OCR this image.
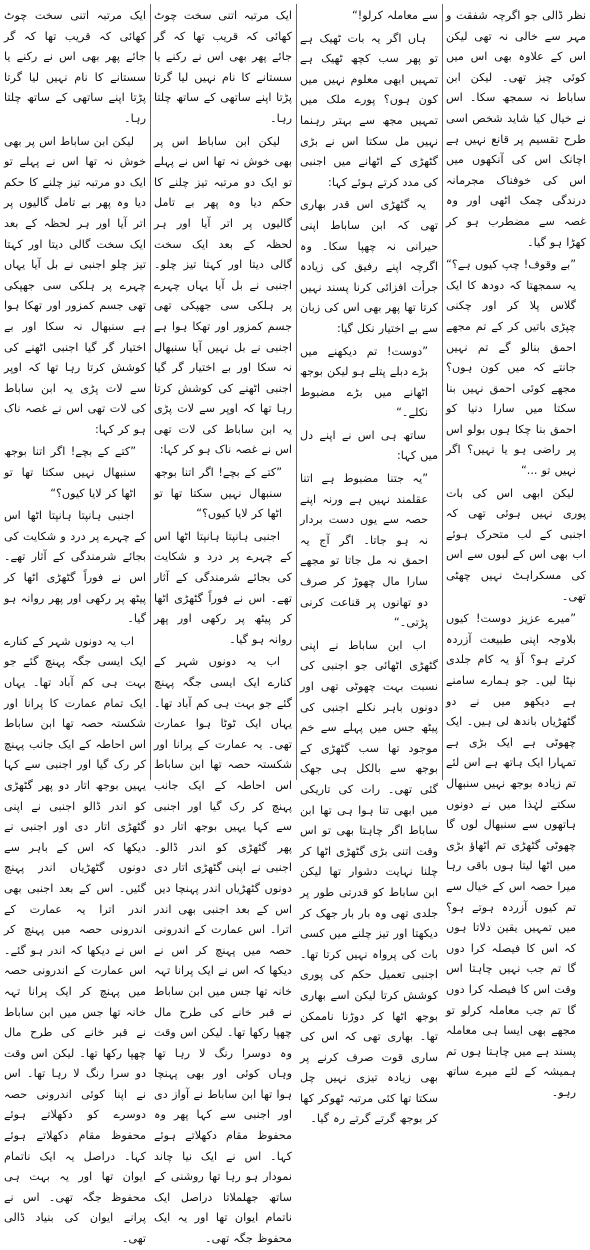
نظر ڈالی جو اگرچہ شفقت و مہر سے خالی نہ تھی لیکن اس کے علاوہ بھی اس میں کوئی چیز تھی۔ لیکن ابن ساباط نہ سمجھ سکا۔ اس نے خیال کیا شاید شخص اسی طرح تقسیم پر قانع نہیں ہے اچانک اس کی آنکھوں میں اس کی خوفناک مجرمانہ درندگی چمک اٹھی اور وہ غصہ سے مضطرب ہو کر کھڑا ہو گیا۔

”بے وقوف! چپ کیوں ہے؟“ یہ سمجھتا کہ دودھ کا ایک گلاس پلا کر اور چکنی چپڑی باتیں کر کے تم مجھے احمق بنالو گے تم نہیں جانتے کہ میں کون ہوں؟ مجھے کوئی احمق نہیں بنا سکتا میں سارا دنیا کو احمق بنا چکا ہوں بولو اس پر راضی ہو یا نہیں؟ اگر نہیں تو ...“

لیکن ابھی اس کی بات پوری نہیں ہوئی تھی کہ اجنبی کے لب متحرک ہوئے اب بھی اس کے لبوں سے اس کی مسکراہٹ نہیں چھٹی تھی۔

”میرے عزیز دوست! کیوں بلاوجہ اپنی طبیعت آزردہ کرتے ہو؟ آؤ یہ کام جلدی نپٹا لیں۔ جو ہمارے سامنے ہے دیکھو میں نے دو گٹھڑیاں باندھ لی ہیں۔ ایک چھوٹی ہے ایک بڑی ہے تمہارا ایک ہاتھ ہے اس لئے تم زیادہ بوجھ نہیں سنبھال سکتے لہٰذا میں نے دونوں ہاتھوں سے سنبھال لوں گا چھوٹی گٹھڑی تم اٹھاؤ بڑی میں اٹھا لیتا ہوں باقی رہا میرا حصہ اس کے خیال سے تم کیوں آزردہ ہوتے ہو؟ میں تمہیں یقین دلاتا ہوں کہ اس کا فیصلہ کرا دوں گا تم جب نہیں چاہتا اس وقت اس کا فیصلہ کرا دوں گا تم جب معاملہ کرلو تو مجھے بھی ایسا ہی معاملہ پسند ہے میں چاہتا ہوں تم ہمیشہ کے لئے میرے ساتھ رہو۔

سے معاملہ کرلو!“

ہاں اگر یہ بات ٹھیک ہے تو پھر سب کچھ ٹھیک ہے تمہیں ابھی معلوم نہیں میں کون ہوں؟ پورے ملک میں تمہیں مجھ سے بہتر رہنما نہیں مل سکتا اس نے بڑی گٹھڑی کے اٹھانے میں اجنبی کی مدد کرتے ہوئے کہا:

یہ گٹھڑی اس قدر بھاری تھی کہ ابن ساباط اپنی حیرانی نہ چھپا سکا۔ وہ اگرچہ اپنے رفیق کی زیادہ جرأت افزائی کرنا پسند نہیں کرتا تھا پھر بھی اس کی زبان سے بے اختیار نکل گیا:

”دوست! تم دیکھنے میں بڑے دبلے پتلے ہو لیکن بوجھ اٹھانے میں بڑے مضبوط نکلے۔“

ساتھ ہی اس نے اپنے دل میں کہا:

”یہ جتنا مضبوط ہے اتنا عقلمند نہیں ہے ورنہ اپنے حصہ سے یوں دست بردار نہ ہو جاتا۔ اگر آج یہ احمق نہ مل جاتا تو مجھے سارا مال چھوڑ کر صرف دو تھانوں پر قناعت کرنی پڑتی۔“

اب ابن ساباط نے اپنی گٹھڑی اٹھائی جو اجنبی کی نسبت بہت چھوٹی تھی اور دونوں باہر نکلے اجنبی کی پیٹھ جس میں پہلے سے خم موجود تھا سب گٹھڑی کے بوجھ سے بالکل ہی جھک گئی تھی۔ رات کی تاریکی میں ابھی تنا ہوا ہی تھا ابن ساباط اگر چاہتا بھی تو اس وقت اتنی بڑی گٹھڑی اٹھا کر چلنا نہایت دشوار تھا لیکن ابن ساباط کو قدرتی طور پر جلدی تھی وہ بار بار جھک کر دیکھتا اور تیز چلنے میں کسی بات کی پرواہ نہیں کرتا تھا۔ اجنبی تعمیل حکم کی پوری کوشش کرتا لیکن اسے بھاری بوجھ اٹھا کر دوڑنا ناممکن تھا۔ بھاری تھی کہ اس کی ساری قوت صرف کرنے پر بھی زیادہ تیزی نہیں چل سکتا تھا کئی مرتبہ ٹھوکر کھا کر بوجھ گرتے گرتے رہ گیا۔

ایک مرتبہ اتنی سخت چوٹ کھائی کہ قریب تھا کہ گر جائے پھر بھی اس نے رکنے یا سستانے کا نام نہیں لیا گرتا پڑتا اپنے ساتھی کے ساتھ چلتا رہا۔

لیکن ابن ساباط اس پر بھی خوش نہ تھا اس نے پہلے تو ایک دو مرتبہ تیز چلنے کا حکم دیا وہ پھر بے تامل گالیوں پر اتر آیا اور ہر لحظہ کے بعد ایک سخت گالی دیتا اور کہتا تیز چلو۔ اجنبی نے بل آیا یہاں چہرے پر ہلکی سی جھپکی تھی جسم کمزور اور تھکا ہوا ہے اجنبی نے بل نہیں آیا سنبھال نہ سکا اور بے اختیار گر گیا اجنبی اٹھنے کی کوشش کرتا رہا تھا کہ اوپر سے لات پڑی یہ ابن ساباط کی لات تھی اس نے غصہ ناک ہو کر کہا:

”کتے کے بچے! اگر اتنا بوجھ سنبھال نہیں سکتا تھا تو اٹھا کر لایا کیوں؟“

اجنبی ہانپتا ہانپتا اٹھا اس کے چہرے پر درد و شکایت کی بجائے شرمندگی کے آثار تھے۔ اس نے فوراً گٹھڑی اٹھا کر پیٹھ پر رکھی اور پھر روانہ ہو گیا۔

اب یہ دونوں شہر کے کنارے ایک ایسی جگہ پہنچ گئے جو بہت ہی کم آباد تھا۔ یہاں ایک ٹوٹا ہوا عمارت تھی۔ یہ عمارت کے پرانا اور شکستہ حصہ تھا ابن ساباط اس احاطہ کے ایک جانب پہنچ کر رک گیا اور اجنبی سے کہا یہیں بوجھ اتار دو پھر گٹھڑی کو اندر ڈالو۔ اجنبی نے اپنی گٹھڑی اتار دی دونوں گٹھڑیاں اندر پہنچا دیں اس کے بعد اجنبی بھی اندر اترا۔ اس عمارت کے اندرونی حصہ میں پہنچ کر اس نے دیکھا کہ اس نے ایک پرانا تہہ خانہ تھا جس میں ابن ساباط نے قبر خانے کی طرح مال چھپا رکھا تھا۔ لیکن اس وقت وہ دوسرا رنگ لا رہا تھا وہاں کوئی اور بھی پہنچا ہوا تھا ابن ساباط نے آواز دی اور اجنبی سے کہا پھر وہ محفوظ مقام دکھلاتے ہوئے کہا۔ اس نے ایک نیا چاند نمودار ہو رہا تھا روشنی کے ساتھ جھلملاتا دراصل ایک ناتمام ایوان تھا اور یہ ایک محفوظ جگہ تھی۔

ایک مرتبہ اتنی سخت چوٹ کھائی کہ قریب تھا کہ گر جائے پھر بھی اس نے رکنے یا سستانے کا نام نہیں لیا گرتا پڑتا اپنے ساتھی کے ساتھ چلتا رہا۔

لیکن ابن ساباط اس پر بھی خوش نہ تھا اس نے پہلے تو ایک دو مرتبہ تیز چلنے کا حکم دیا وہ پھر بے تامل گالیوں پر اتر آیا اور ہر لحظہ کے بعد ایک سخت گالی دیتا اور کہتا تیز چلو اجنبی نے بل آیا یہاں چہرے پر ہلکی سی جھپکی تھی جسم کمزور اور تھکا ہوا ہے سنبھال نہ سکا اور بے اختیار گر گیا اجنبی اٹھنے کی کوشش کرتا رہا تھا کہ اوپر سے لات پڑی یہ ابن ساباط کی لات تھی اس نے غصہ ناک ہو کر کہا:

”کتے کے بچے! اگر اتنا بوجھ سنبھال نہیں سکتا تھا تو اٹھا کر لایا کیوں؟“

اجنبی ہانپتا ہانپتا اٹھا اس کے چہرے پر درد و شکایت کی بجائے شرمندگی کے آثار تھے۔ اس نے فوراً گٹھڑی اٹھا کر پیٹھ پر رکھی اور پھر روانہ ہو گیا۔

اب یہ دونوں شہر کے کنارے ایک ایسی جگہ پہنچ گئے جو بہت ہی کم آباد تھا۔ یہاں ایک تمام عمارت کا پرانا اور شکستہ حصہ تھا ابن ساباط اس احاطہ کے ایک جانب پہنچ کر رک گیا اور اجنبی سے کہا یہیں بوجھ اتار دو پھر گٹھڑی کو اندر ڈالو اجنبی نے اپنی گٹھڑی اتار دی اور اجنبی نے دیکھا کہ اس کے باہر سے دونوں گٹھڑیاں اندر پہنچ گئیں۔ اس کے بعد اجنبی بھی اندر اترا یہ عمارت کے اندرونی حصہ میں پہنچ کر اس نے دیکھا کہ اندر ہو گئے۔ اس عمارت کے اندرونی حصہ میں پہنچ کر ایک پرانا تہہ خانہ تھا جس میں ابن ساباط نے قبر خانے کی طرح مال چھپا رکھا تھا۔ لیکن اس وقت دو سرا رنگ لا رہا تھا۔ اس نے اپنا کوئی اندرونی حصہ دوسرے کو دکھلاتے ہوئے محفوظ مقام دکھلاتے ہوئے کہا۔ دراصل یہ ایک ناتمام ایوان تھا اور یہ بہت ہی محفوظ جگہ تھی۔ اس نے پرانے ایوان کی بنیاد ڈالی تھی۔
